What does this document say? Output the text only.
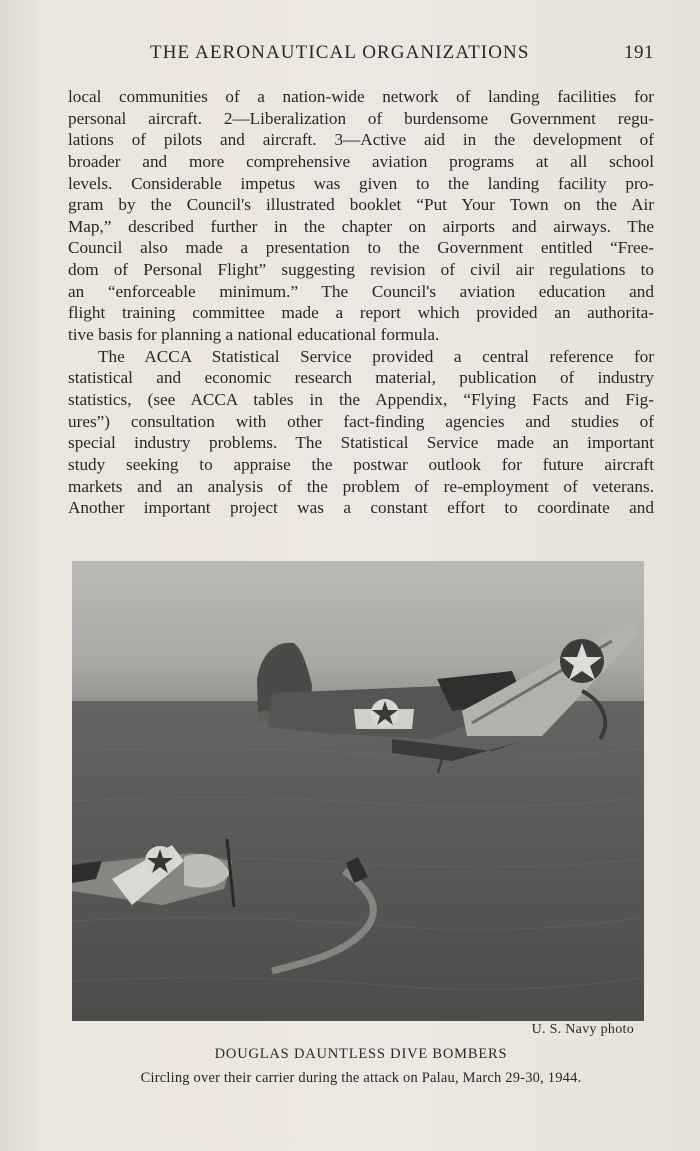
THE AERONAUTICAL ORGANIZATIONS	191
local communities of a nation-wide network of landing facilities for
personal aircraft. 2—Liberalization of burdensome Government regu-
lations of pilots and aircraft. 3—Active aid in the development of
broader and more comprehensive aviation programs at all school
levels. Considerable impetus was given to the landing facility pro-
gram by the Council's illustrated booklet “Put Your Town on the Air
Map,” described further in the chapter on airports and airways. The
Council also made a presentation to the Government entitled “Free-
dom of Personal Flight” suggesting revision of civil air regulations to
an “enforceable minimum.” The Council's aviation education and
flight training committee made a report which provided an authorita-
tive basis for planning a national educational formula.
The ACCA Statistical Service provided a central reference for
statistical and economic research material, publication of industry
statistics, (see ACCA tables in the Appendix, “Flying Facts and Fig-
ures”) consultation with other fact-finding agencies and studies of
special industry problems. The Statistical Service made an important
study seeking to appraise the postwar outlook for future aircraft
markets and an analysis of the problem of re-employment of veterans.
Another important project was a constant effort to coordinate and
U. S. Navy photo
DOUGLAS DAUNTLESS DIVE BOMBERS
Circling over their carrier during the attack on Palau, March 29-30, 1944.
